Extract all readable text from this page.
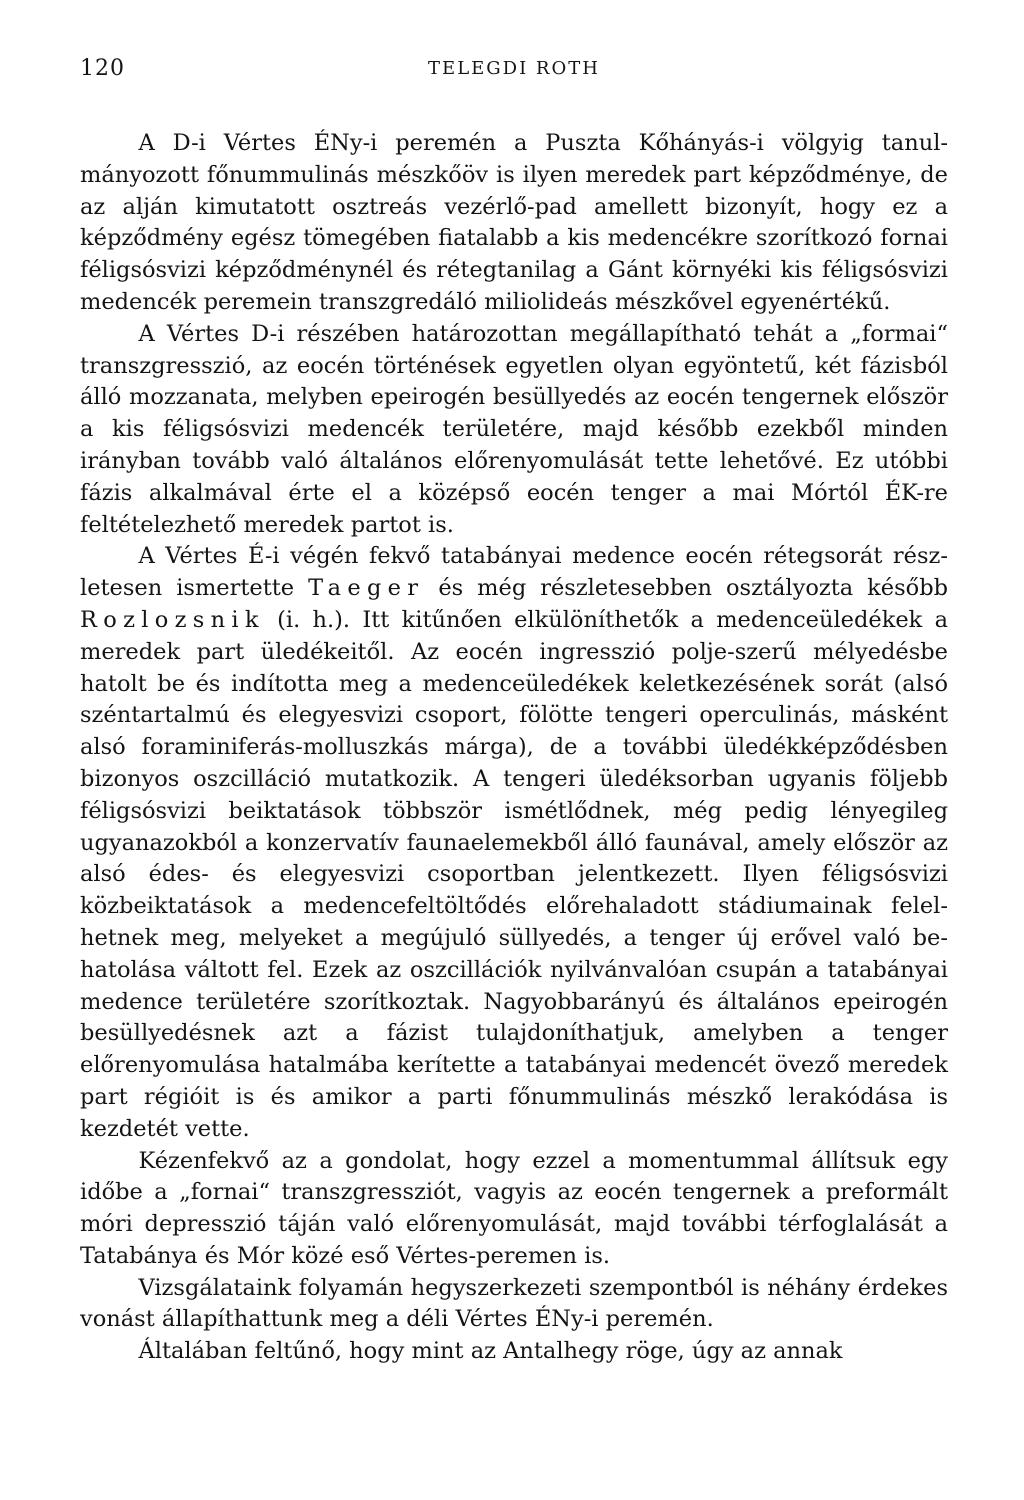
120	TELEGDI ROTH

A D-i Vértes ÉNy-i peremén a Puszta Kőhányás-i völgyig tanulmányozott főnummulinás mészkőöv is ilyen meredek part képződménye, de az alján kimutatott osztreás vezérlő-pad amellett bizonyít, hogy ez a képződmény egész tömegében fiatalabb a kis medencékre szorítkozó fornai féligsósvizi képződménynél és rétegtanilag a Gánt környéki kis féligsósvizi medencék peremein transzgredáló miliolideás mészkővel egyenértékű.

A Vértes D-i részében határozottan megállapítható tehát a „formai“ transzgresszió, az eocén történések egyetlen olyan egyöntetű, két fázisból álló mozzanata, melyben epeirogén besüllyedés az eocén tengernek először a kis féligsósvizi medencék területére, majd később ezekből minden irányban tovább való általános előrenyomulását tette lehetővé. Ez utóbbi fázis alkalmával érte el a középső eocén tenger a mai Mórtól ÉK-re feltételezhető meredek partot is.

A Vértes É-i végén fekvő tatabányai medence eocén rétegsorát részletesen ismertette Taeger és még részletesebben osztályozta később Rozlozsnik (i. h.). Itt kitűnően elkülöníthetők a medenceüledékek a meredek part üledékeitől. Az eocén ingresszió polje-szerű mélyedésbe hatolt be és indította meg a medenceüledékek keletkezésének sorát (alsó széntartalmú és elegyesvizi csoport, fölötte tengeri operculinás, másként alsó foraminiferás-molluszkás márga), de a további üledékképződésben bizonyos oszcilláció mutatkozik. A tengeri üledéksorban ugyanis följebb féligsósvizi beiktatások többször ismétlődnek, még pedig lényegileg ugyanazokból a konzervatív faunaelemekből álló faunával, amely először az alsó édes- és elegyesvizi csoportban jelentkezett. Ilyen féligsósvizi közbeiktatások a medencefeltöltődés előrehaladott stádiumainak felelhetnek meg, melyeket a megújuló süllyedés, a tenger új erővel való behatolása váltott fel. Ezek az oszcillációk nyilvánvalóan csupán a tatabányai medence területére szorítkoztak. Nagyobbarányú és általános epeirogén besüllyedésnek azt a fázist tulajdoníthatjuk, amelyben a tenger előrenyomulása hatalmába kerítette a tatabányai medencét övező meredek part régióit is és amikor a parti főnummulinás mészkő lerakódása is kezdetét vette.

Kézenfekvő az a gondolat, hogy ezzel a momentummal állítsuk egy időbe a „fornai“ transzgressziót, vagyis az eocén tengernek a preformált móri depresszió táján való előrenyomulását, majd további térfoglalását a Tatabánya és Mór közé eső Vértes-peremen is.

Vizsgálataink folyamán hegyszerkezeti szempontból is néhány érdekes vonást állapíthattunk meg a déli Vértes ÉNy-i peremén.

Általában feltűnő, hogy mint az Antalhegy röge, úgy az annak
